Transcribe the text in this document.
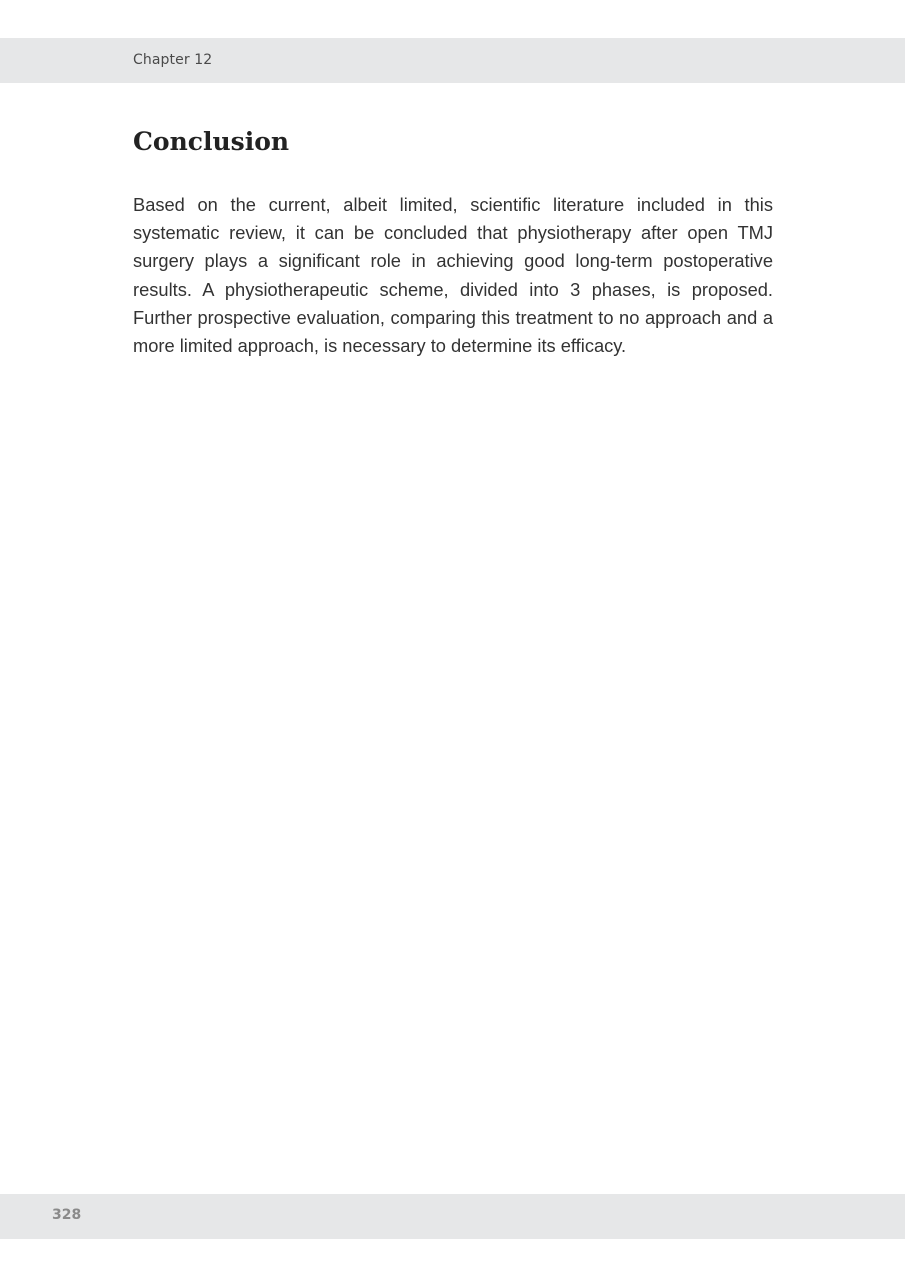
Chapter 12
Conclusion

Based on the current, albeit limited, scientific literature included in this systematic review, it can be concluded that physiotherapy after open TMJ surgery plays a significant role in achieving good long-term postoperative results. A physiotherapeutic scheme, divided into 3 phases, is proposed. Further prospective evaluation, comparing this treatment to no approach and a more limited approach, is necessary to determine its efficacy.

328
